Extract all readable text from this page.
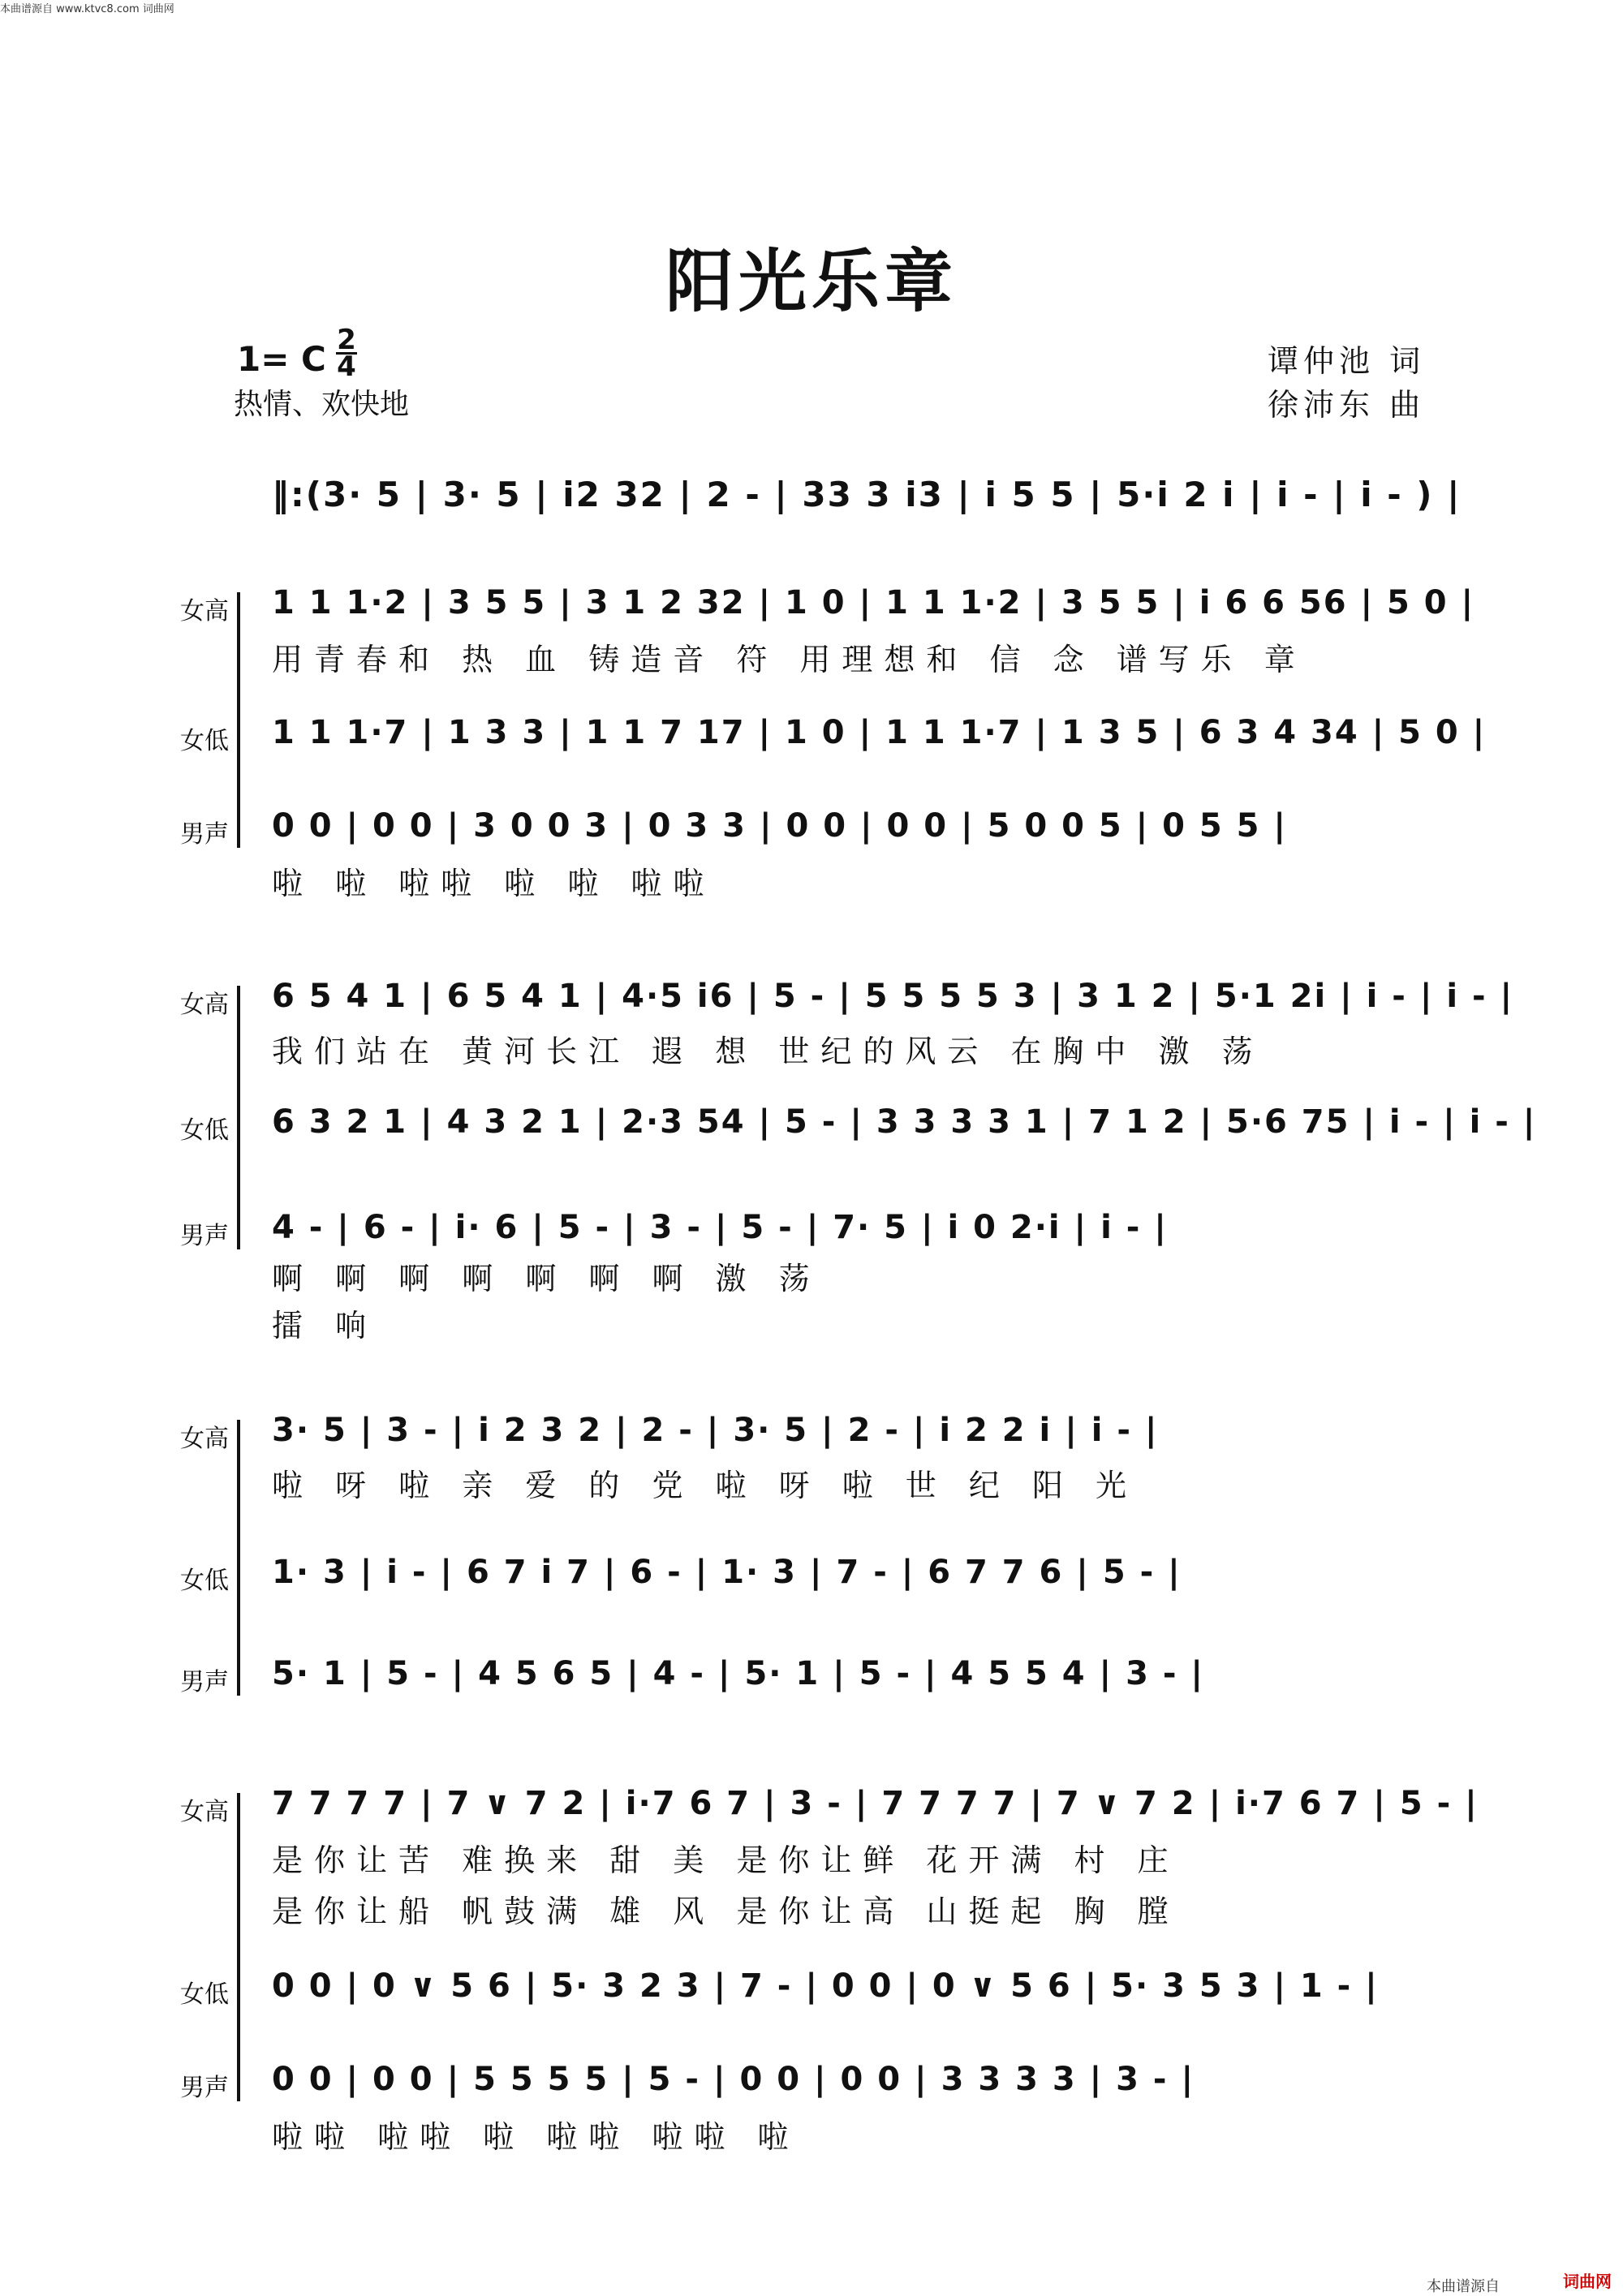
本曲谱源自 www.ktvc8.com 词曲网
阳光乐章
1= C 2
4
热情、欢快地
谭仲池 词
徐沛东 曲
‖:(3· 5 | 3· 5 | i2 32 | 2 - | 33 3 i3 | i 5 5 | 5·i 2 i | i - | i - ) |
女高 1 1 1·2 | 3 5 5 | 3 1 2 32 | 1 0 | 1 1 1·2 | 3 5 5 | i 6 6 56 | 5 0 |
用青春和 热 血 铸造音 符 用理想和 信 念 谱写乐 章
女低 1 1 1·7 | 1 3 3 | 1 1 7 17 | 1 0 | 1 1 1·7 | 1 3 5 | 6 3 4 34 | 5 0 |
男声 0 0 | 0 0 | 3 0 0 3 | 0 3 3 | 0 0 | 0 0 | 5 0 0 5 | 0 5 5 |
啦 啦 啦啦 啦 啦 啦啦
女高 6 5 4 1 | 6 5 4 1 | 4·5 i6 | 5 - | 5 5 5 5 3 | 3 1 2 | 5·1 2i | i - | i - |
我们站在 黄河长江 遐 想 世纪的风云 在胸中 激 荡
女低 6 3 2 1 | 4 3 2 1 | 2·3 54 | 5 - | 3 3 3 3 1 | 7 1 2 | 5·6 75 | i - | i - |
男声 4 - | 6 - | i· 6 | 5 - | 3 - | 5 - | 7· 5 | i 0 2·i | i - |
啊 啊 啊 啊 啊 啊 啊 激 荡
擂 响
女高 3· 5 | 3 - | i 2 3 2 | 2 - | 3· 5 | 2 - | i 2 2 i | i - |
啦 呀 啦 亲 爱 的 党 啦 呀 啦 世 纪 阳 光
女低 1· 3 | i - | 6 7 i 7 | 6 - | 1· 3 | 7 - | 6 7 7 6 | 5 - |
男声 5· 1 | 5 - | 4 5 6 5 | 4 - | 5· 1 | 5 - | 4 5 5 4 | 3 - |
女高 7 7 7 7 | 7 ∨ 7 2 | i·7 6 7 | 3 - | 7 7 7 7 | 7 ∨ 7 2 | i·7 6 7 | 5 - |
是你让苦 难换来 甜 美 是你让鲜 花开满 村 庄
是你让船 帆鼓满 雄 风 是你让高 山挺起 胸 膛
女低 0 0 | 0 ∨ 5 6 | 5· 3 2 3 | 7 - | 0 0 | 0 ∨ 5 6 | 5· 3 5 3 | 1 - |
男声 0 0 | 0 0 | 5 5 5 5 | 5 - | 0 0 | 0 0 | 3 3 3 3 | 3 - |
啦啦 啦啦 啦 啦啦 啦啦 啦
本曲谱源自	词曲网
